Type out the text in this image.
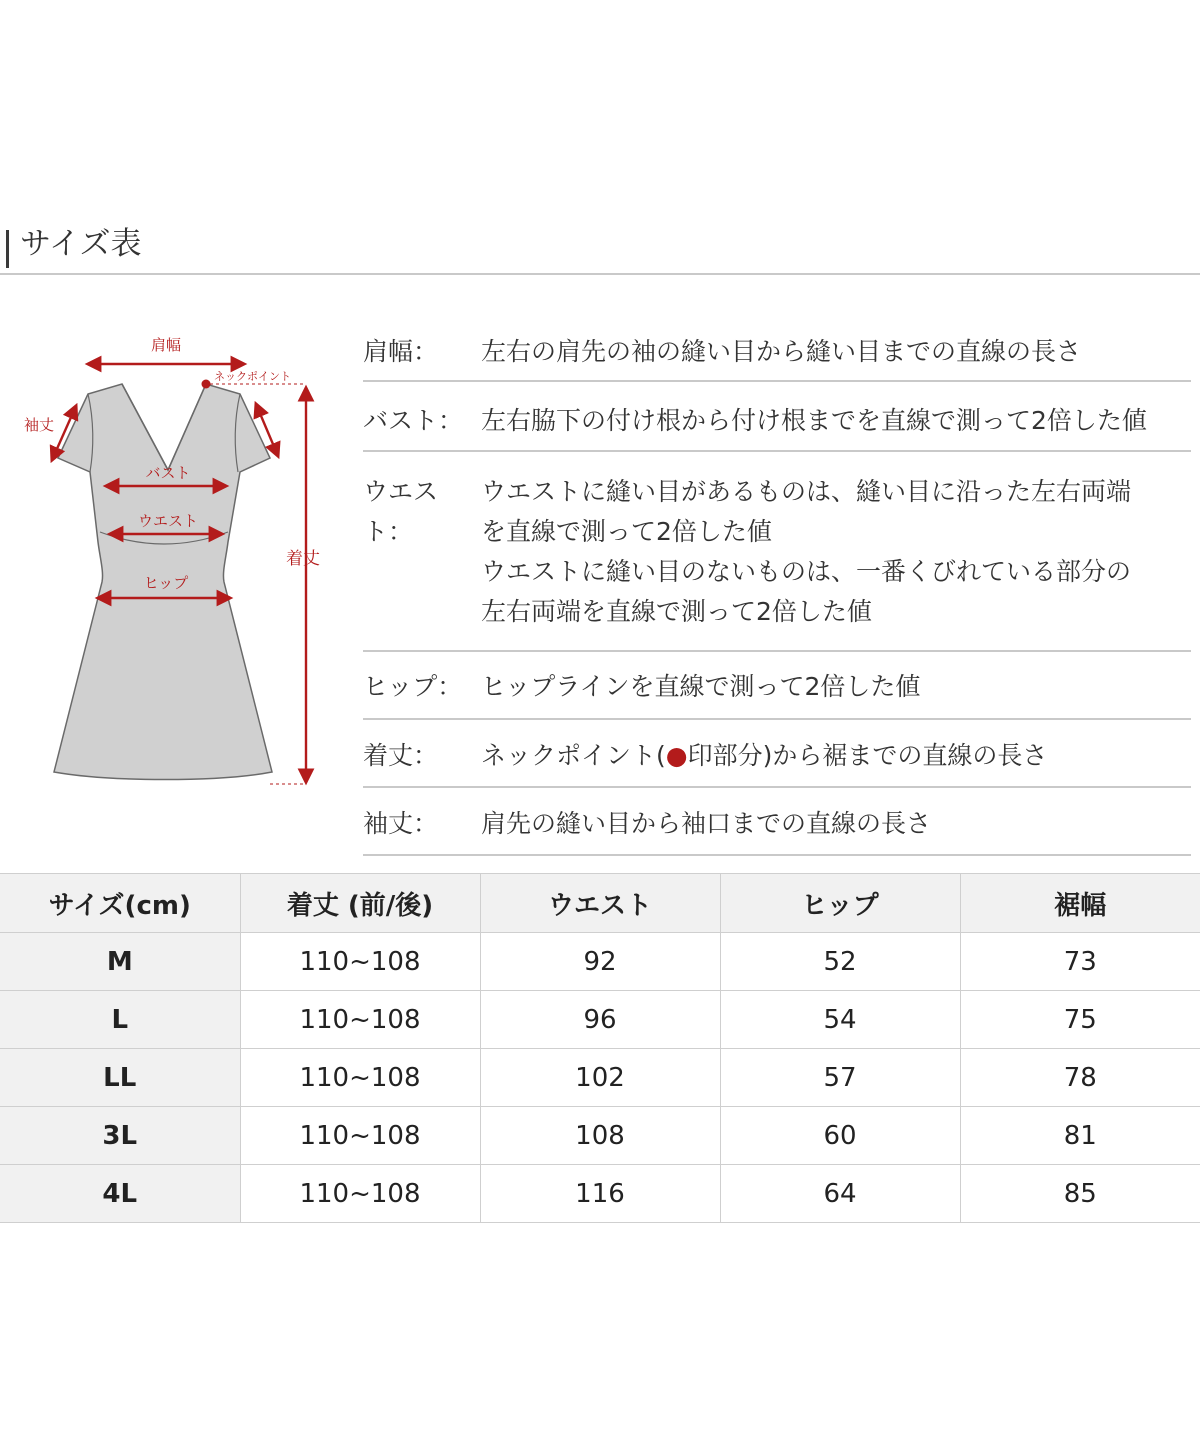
サイズ表
肩幅
ネックポイント
袖丈
バスト
ウエスト
ヒップ
着丈
肩幅：	左右の肩先の袖の縫い目から縫い目までの直線の長さ
バスト： 左右脇下の付け根から付け根までを直線で測って2倍した値
ウエスト：
ウエストに縫い目があるものは、縫い目に沿った左右両端
を直線で測って2倍した値
ウエストに縫い目のないものは、一番くびれている部分の
左右両端を直線で測って2倍した値
ヒップ： ヒップラインを直線で測って2倍した値
着丈：	ネックポイント(●印部分)から裾までの直線の長さ
袖丈：	肩先の縫い目から袖口までの直線の長さ
サイズ(cm)	着丈 (前/後)	ウエスト	ヒップ	裾幅
M	110~108	92	52	73
L	110~108	96	54	75
LL	110~108	102	57	78
3L	110~108	108	60	81
4L	110~108	116	64	85
